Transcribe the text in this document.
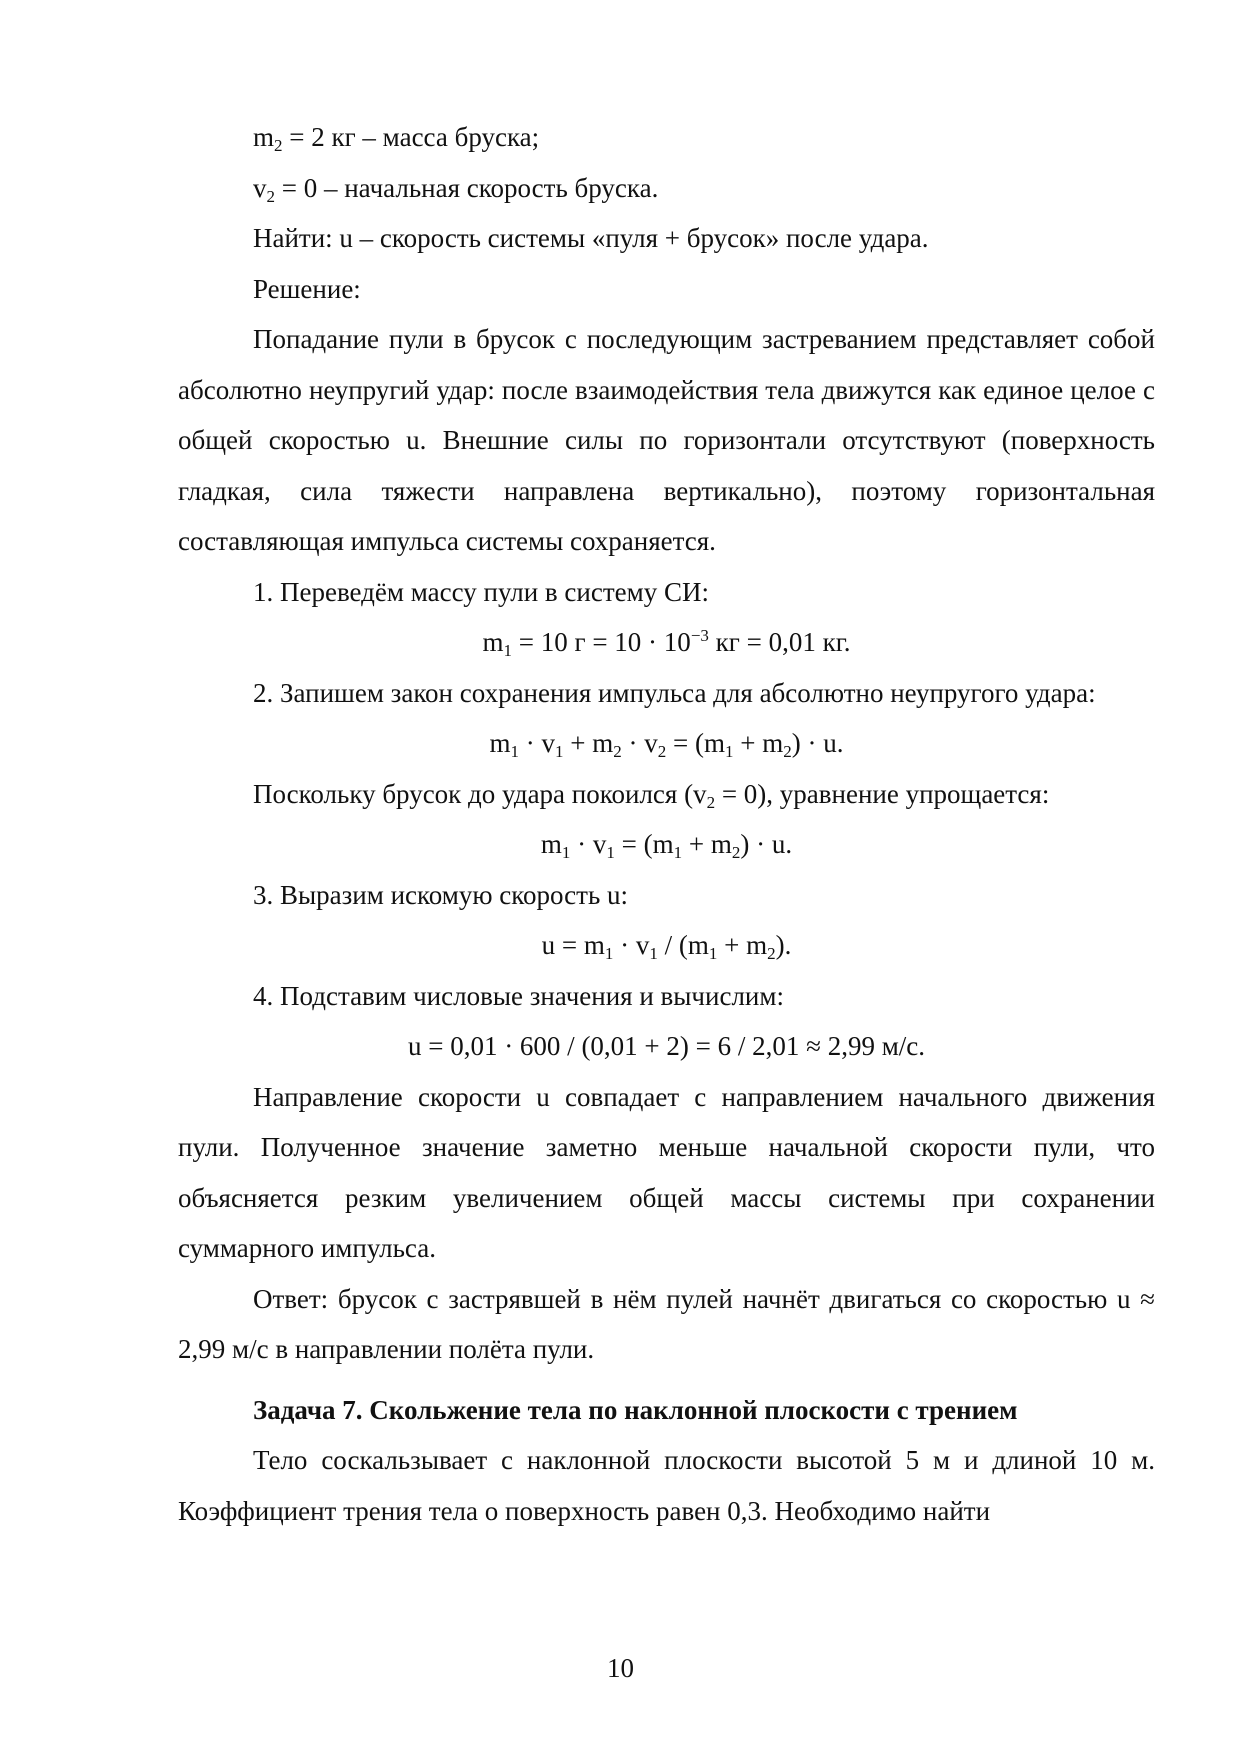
$m_2 = 2$ кг – масса бруска;

$v_2 = 0$ – начальная скорость бруска.

Найти: u – скорость системы «пуля + брусок» после удара.

Решение:

Попадание пули в брусок с последующим застреванием представляет собой абсолютно неупругий удар: после взаимодействия тела движутся как единое целое с общей скоростью u. Внешние силы по горизонтали отсутствуют (поверхность гладкая, сила тяжести направлена вертикально), поэтому горизонтальная составляющая импульса системы сохраняется.

1. Переведём массу пули в систему СИ:

$m_1 = 10$ $г = 10 \cdot 10^{-3}$ кг = 0,01 кг.

2. Запишем закон сохранения импульса для абсолютно неупругого удара:

$m_1 \cdot v_1 + m_2 \cdot v_2 = (m_1 + m_2) \cdot u$.

Поскольку брусок до удара покоился $(v_2 = 0)$, уравнение упрощается:

$m_1 \cdot v_1 = (m_1 + m_2) \cdot u$.

3. Выразим искомую скорость u:

$u = m_1 \cdot v_1 / (m_1 + m_2)$.

4. Подставим числовые значения и вычислим:

u = 0,01 · 600 / (0,01 + 2) = 6 / 2,01 ≈ 2,99 м/с.

Направление скорости u совпадает с направлением начального движения пули. Полученное значение заметно меньше начальной скорости пули, что объясняется резким увеличением общей массы системы при сохранении суммарного импульса.

Ответ: брусок с застрявшей в нём пулей начнёт двигаться со скоростью u ≈ 2,99 м/с в направлении полёта пули.

Задача 7. Скольжение тела по наклонной плоскости с трением

Тело соскальзывает с наклонной плоскости высотой 5 м и длиной 10 м. Коэффициент трения тела о поверхность равен 0,3. Необходимо найти

10
